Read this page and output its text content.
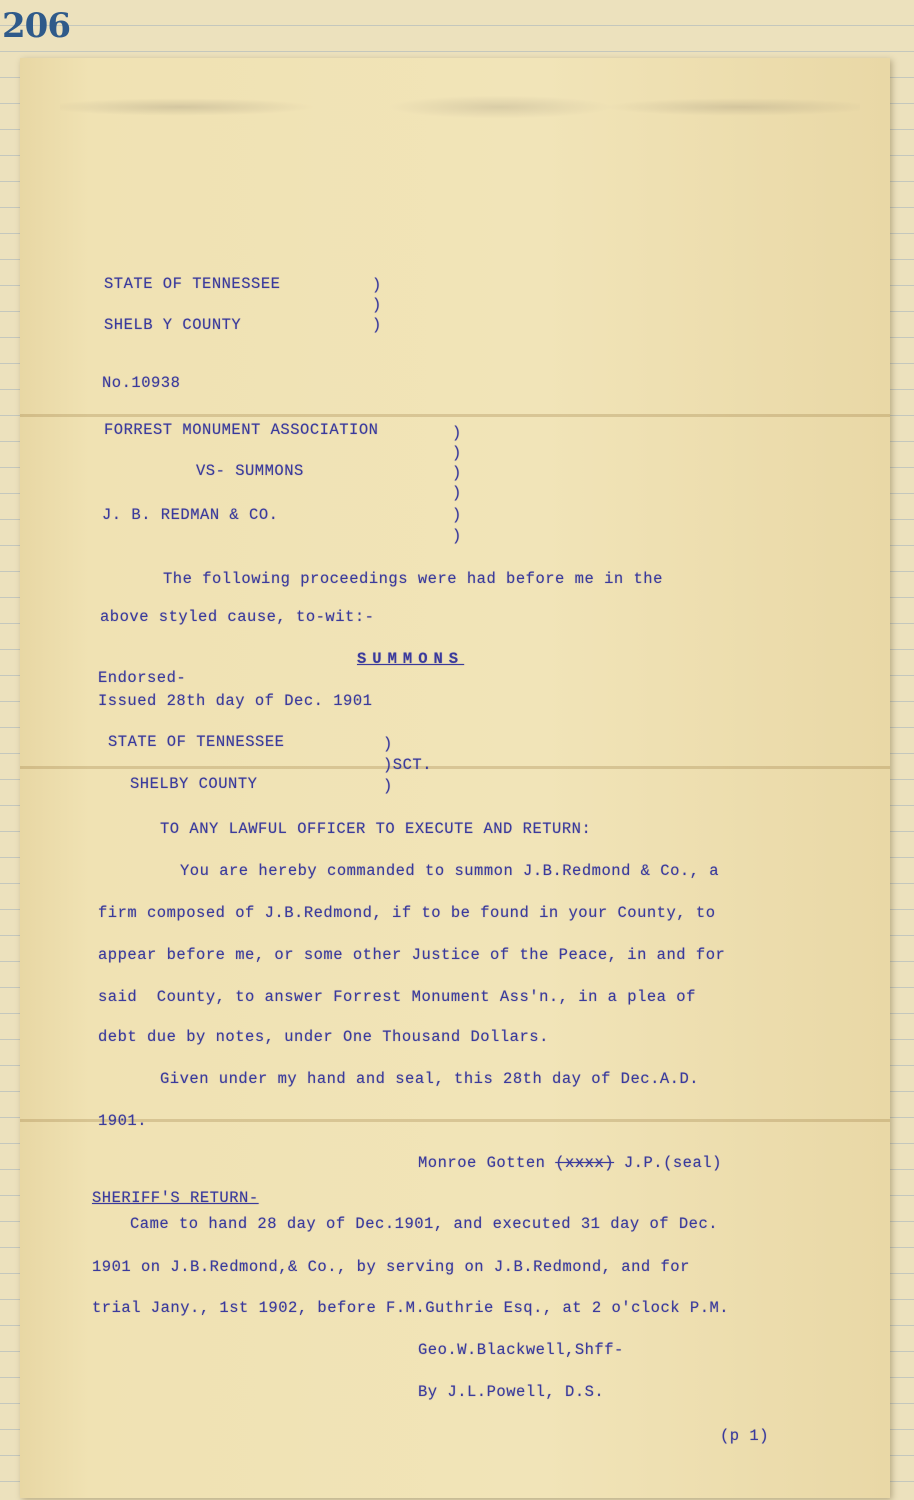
206
STATE OF TENNESSEE	)
)
SHELB Y COUNTY	)
No.10938
FORREST MONUMENT ASSOCIATION	)
)
VS- SUMMONS	)
)
J. B. REDMAN & CO.	)
)
The following proceedings were had before me in the
above styled cause, to-wit:-
SUMMONS
Endorsed-
Issued 28th day of Dec. 1901
STATE OF TENNESSEE	)
)SCT.
SHELBY COUNTY	)
TO ANY LAWFUL OFFICER TO EXECUTE AND RETURN:
You are hereby commanded to summon J.B.Redmond & Co., a
firm composed of J.B.Redmond, if to be found in your County, to
appear before me, or some other Justice of the Peace, in and for
said  County, to answer Forrest Monument Ass'n., in a plea of
debt due by notes, under One Thousand Dollars.
Given under my hand and seal, this 28th day of Dec.A.D.
1901.
Monroe Gotten (xxxx) J.P.(seal)
SHERIFF'S RETURN-
Came to hand 28 day of Dec.1901, and executed 31 day of Dec.
1901 on J.B.Redmond,& Co., by serving on J.B.Redmond, and for
trial Jany., 1st 1902, before F.M.Guthrie Esq., at 2 o'clock P.M.
Geo.W.Blackwell,Shff-
By J.L.Powell, D.S.
(p 1)
